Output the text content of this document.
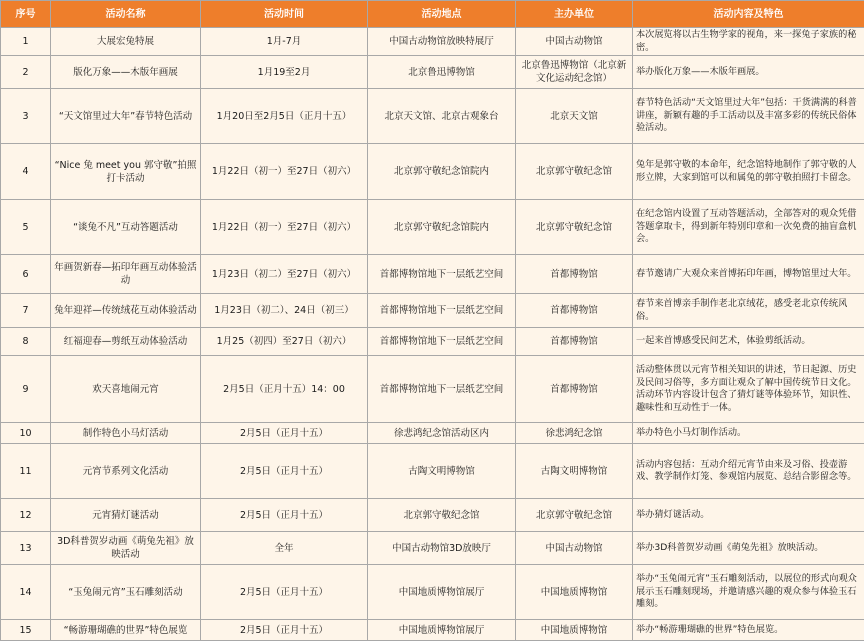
序号	活动名称	活动时间	活动地点	主办单位	活动内容及特色
1	大展宏兔特展	1月-7月	中国古动物馆放映特展厅	中国古动物馆	本次展览将以古生物学家的视角，来一探兔子家族的秘密。
2	版化万象——木版年画展	1月19至2月	北京鲁迅博物馆	北京鲁迅博物馆（北京新文化运动纪念馆）	举办版化万象——木版年画展。
3	“天文馆里过大年”春节特色活动	1月20日至2月5日（正月十五）	北京天文馆、北京古观象台	北京天文馆	春节特色活动“天文馆里过大年”包括：干货满满的科普讲座，新颖有趣的手工活动以及丰富多彩的传统民俗体验活动。
4	“Nice 兔 meet you 郭守敬”拍照打卡活动	1月22日（初一）至27日（初六）	北京郭守敬纪念馆院内	北京郭守敬纪念馆	兔年是郭守敬的本命年，纪念馆特地制作了郭守敬的人形立牌，大家到馆可以和属兔的郭守敬拍照打卡留念。
5	“谈兔不凡”互动答题活动	1月22日（初一）至27日（初六）	北京郭守敬纪念馆院内	北京郭守敬纪念馆	在纪念馆内设置了互动答题活动，全部答对的观众凭借答题拿取卡，得到新年特别印章和一次免费的抽盲盒机会。
6	年画贺新春—拓印年画互动体验活动	1月23日（初二）至27日（初六）	首都博物馆地下一层纸艺空间	首都博物馆	春节邀请广大观众来首博拓印年画，博物馆里过大年。
7	兔年迎祥—传统绒花互动体验活动	1月23日（初二）、24日（初三）	首都博物馆地下一层纸艺空间	首都博物馆	春节来首博亲手制作老北京绒花，感受老北京传统风俗。
8	红福迎春—剪纸互动体验活动	1月25（初四）至27日（初六）	首都博物馆地下一层纸艺空间	首都博物馆	一起来首博感受民间艺术，体验剪纸活动。
9	欢天喜地闹元宵	2月5日（正月十五）14：00	首都博物馆地下一层纸艺空间	首都博物馆	活动整体贯以元宵节相关知识的讲述，节日起源、历史及民间习俗等，多方面让观众了解中国传统节日文化。活动环节内容设计包含了猜灯谜等体验环节，知识性、趣味性和互动性于一体。
10	制作特色小马灯活动	2月5日（正月十五）	徐悲鸿纪念馆活动区内	徐悲鸿纪念馆	举办特色小马灯制作活动。
11	元宵节系列文化活动	2月5日（正月十五）	古陶文明博物馆	古陶文明博物馆	活动内容包括：互动介绍元宵节由来及习俗、投壶游戏、教学制作灯笼、参观馆内展览、总结合影留念等。
12	元宵猜灯谜活动	2月5日（正月十五）	北京郭守敬纪念馆	北京郭守敬纪念馆	举办猜灯谜活动。
13	3D科普贺岁动画《萌兔先祖》放映活动	全年	中国古动物馆3D放映厅	中国古动物馆	举办3D科普贺岁动画《萌兔先祖》放映活动。
14	“玉兔闹元宵”玉石雕刻活动	2月5日（正月十五）	中国地质博物馆展厅	中国地质博物馆	举办“玉兔闹元宵”玉石雕刻活动，以展位的形式向观众展示玉石雕刻现场，并邀请感兴趣的观众参与体验玉石雕刻。
15	“畅游珊瑚礁的世界”特色展览	2月5日（正月十五）	中国地质博物馆展厅	中国地质博物馆	举办“畅游珊瑚礁的世界”特色展览。
